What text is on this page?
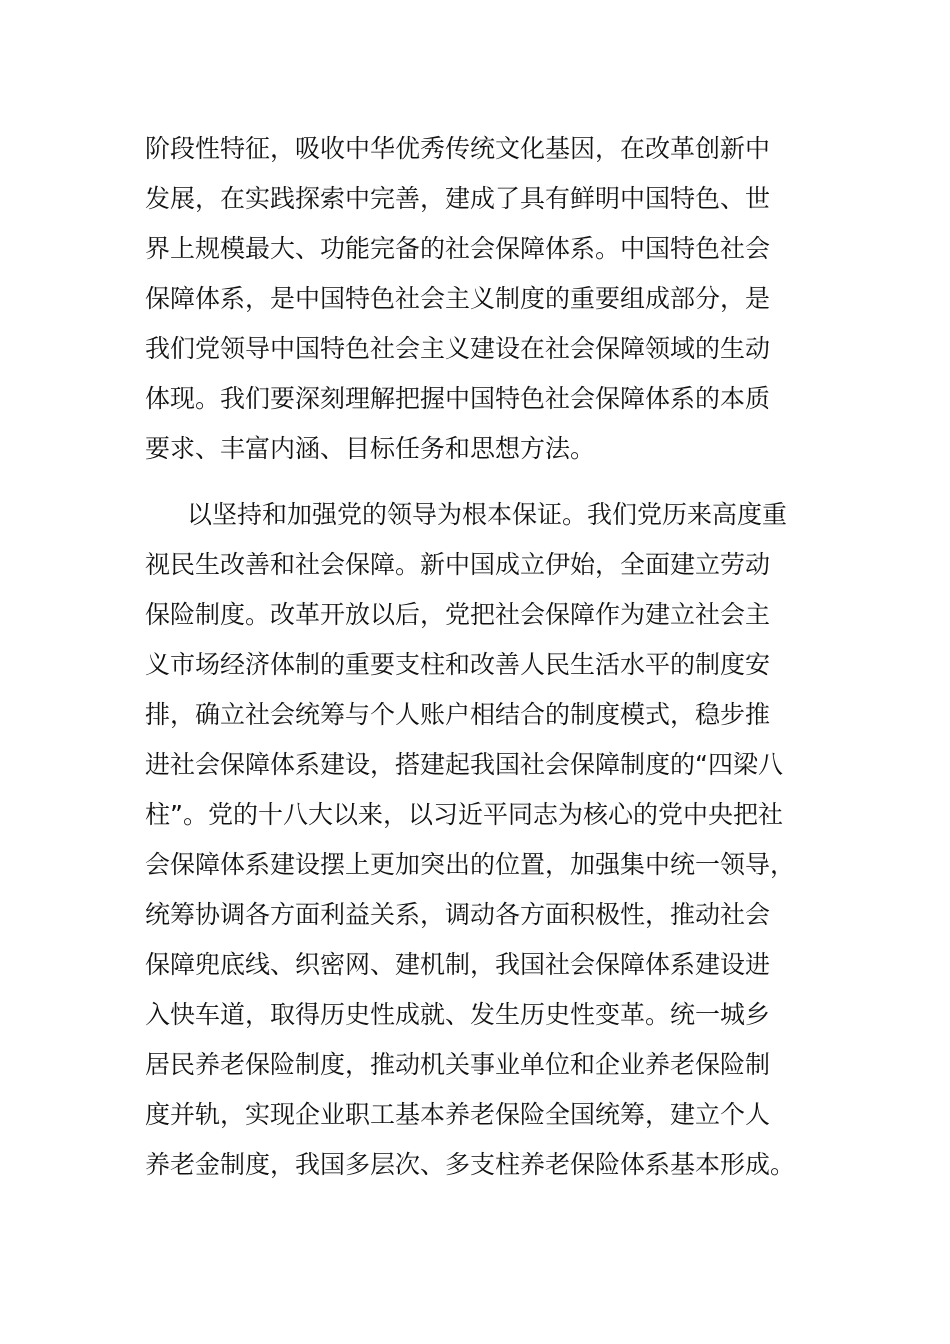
阶段性特征，吸收中华优秀传统文化基因，在改革创新中
发展，在实践探索中完善，建成了具有鲜明中国特色、世
界上规模最大、功能完备的社会保障体系。中国特色社会
保障体系，是中国特色社会主义制度的重要组成部分，是
我们党领导中国特色社会主义建设在社会保障领域的生动
体现。我们要深刻理解把握中国特色社会保障体系的本质
要求、丰富内涵、目标任务和思想方法。
以坚持和加强党的领导为根本保证。我们党历来高度重
视民生改善和社会保障。新中国成立伊始，全面建立劳动
保险制度。改革开放以后，党把社会保障作为建立社会主
义市场经济体制的重要支柱和改善人民生活水平的制度安
排，确立社会统筹与个人账户相结合的制度模式，稳步推
进社会保障体系建设，搭建起我国社会保障制度的“四梁八
柱”。党的十八大以来，以习近平同志为核心的党中央把社
会保障体系建设摆上更加突出的位置，加强集中统一领导，
统筹协调各方面利益关系，调动各方面积极性，推动社会
保障兜底线、织密网、建机制，我国社会保障体系建设进
入快车道，取得历史性成就、发生历史性变革。统一城乡
居民养老保险制度，推动机关事业单位和企业养老保险制
度并轨，实现企业职工基本养老保险全国统筹，建立个人
养老金制度，我国多层次、多支柱养老保险体系基本形成。
